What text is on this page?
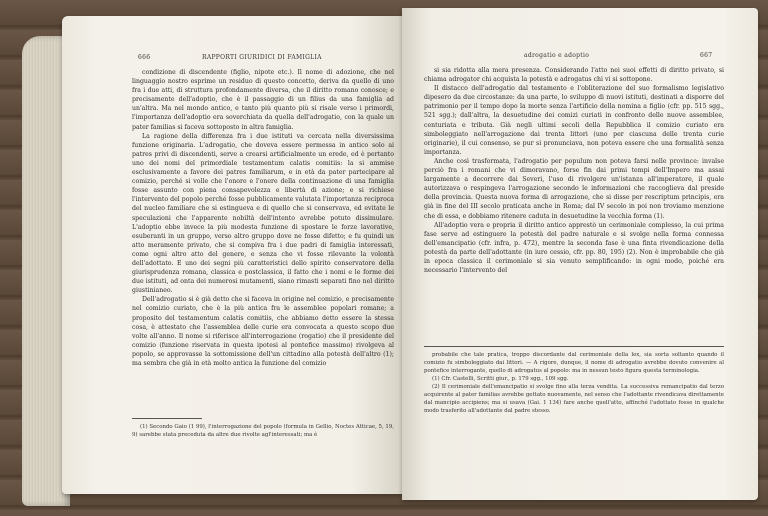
666	RAPPORTI GIURIDICI DI FAMIGLIA

condizione di discendente (figlio, nipote etc.). Il nome di adozione, che nel linguaggio nostro esprime un residuo di questo concetto, deriva da quello di uno fra i due atti, di struttura profondamente diversa, che il diritto romano conosce; e precisamente dell'adoptio, che è il passaggio di un filius da una famiglia ad un'altra. Ma nel mondo antico, e tanto più quanto più si risale verso i primordi, l'importanza dell'adoptio era soverchiata da quella dell'adrogatio, con la quale un pater familias si faceva sottoposto in altra famiglia.

La ragione della differenza fra i due istituti va cercata nella diversissima funzione originaria. L'adrogatio, che doveva essere permessa in antico solo ai patres privi di discendenti, serve a crearsi artificialmente un erede, ed è pertanto uno dei nomi del primordiale testamentum calatis comitiis: la si ammise esclusivamente a favore dei patres familiarum, e in età da pater partecipare al comizio, perché si volle che l'onore e l'onere della continuazione di una famiglia fosse assunto con piena consapevolezza e libertà di azione; e si richiese l'intervento del popolo perché fosse pubblicamente valutata l'importanza reciproca del nucleo familiare che si estingueva e di quello che si conservava, ed evitate le speculazioni che l'apparente nobiltà dell'intento avrebbe potuto dissimulare. L'adoptio ebbe invece la più modesta funzione di spostare le forze lavorative, esuberanti in un gruppo, verso altro gruppo dove ne fosse difetto; e fu quindi un atto meramente privato, che si compiva fra i due padri di famiglia interessati, come ogni altro atto del genere, e senza che vi fosse rilevante la volontà dell'adottato. E uno dei segni più caratteristici dello spirito conservatore della giurisprudenza romana, classica e postclassica, il fatto che i nomi e le forme dei due istituti, ad onta dei numerosi mutamenti, siano rimasti separati fino nel diritto giustinianeo.

Dell'adrogatio si è già detto che si faceva in origine nel comizio, e precisamente nel comizio curiato, che è la più antica fra le assemblee popolari romane; a proposito del testamentum calatis comitiis, che abbiamo detto essere la stessa cosa, è attestato che l'assemblea delle curie era convocata a questo scopo due volte all'anno. Il nome si riferisce all'interrogazione (rogatio) che il presidente del comizio (funzione riservata in questa ipotesi al pontefice massimo) rivolgeva al popolo, se approvasse la sottomissione dell'un cittadino alla potestà dell'altro (1); ma sembra che già in età molto antica la funzione del comizio

(1) Secondo Gaio (1 99), l'interrogazione del popolo (formula in Gellio, Noctes Atticae, 5, 19, 9) sarebbe stata preceduta da altre due rivolte agl'interessati; ma è

adrogatio e adoptio	667

si sia ridotta alla mera presenza. Considerando l'atto nei suoi effetti di diritto privato, si chiama adrogator chi acquista la potestà e adrogatus chi vi si sottopone.

Il distacco dell'adrogatio dal testamento e l'obliterazione del suo formalismo legislativo dipesero da due circostanze: da una parte, lo sviluppo di nuovi istituti, destinati a disporre del patrimonio per il tempo dopo la morte senza l'artificio della nomina a figlio (cfr. pp. 515 sgg., 521 sgg.); dall'altra, la desuetudine dei comizi curiati in confronto delle nuove assemblee, centuriata e tributa. Già negli ultimi secoli della Repubblica il comizio curiato era simboleggiato nell'arrogazione dai trenta littori (uno per ciascuna delle trenta curie originarie), il cui consenso, se pur si pronunciava, non poteva essere che una formalità senza importanza.

Anche così trasformata, l'adrogatio per populum non poteva farsi nelle province: invalse perciò fra i romani che vi dimoravano, forse fin dai primi tempi dell'Impero ma assai largamente a decorrere dai Severi, l'uso di rivolgere un'istanza all'imperatore, il quale autorizzava o respingeva l'arrogazione secondo le informazioni che raccoglieva dal preside della provincia. Questa nuova forma di arrogazione, che si disse per rescriptum principis, era già in fine del III secolo praticata anche in Roma; dal IV secolo in poi non troviamo menzione che di essa, e dobbiamo ritenere caduta in desuetudine la vecchia forma (1).

All'adoptio vera e propria il diritto antico apprestò un cerimoniale complesso, la cui prima fase serve ad estinguere la potestà del padre naturale e si svolge nella forma connessa dell'emancipatio (cfr. infra, p. 472), mentre la seconda fase è una finta rivendicazione della potestà da parte dell'adottante (in iure cessio, cfr. pp. 80, 195) (2). Non è improbabile che già in epoca classica il cerimoniale si sia venuto semplificando: in ogni modo, poiché era necessario l'intervento del

probabile che tale pratica, troppo discordante dal cerimoniale della lex, sia sorta soltanto quando il comizio fu simboleggiato dai littori. — A rigore, dunque, il nome di adrogatio avrebbe dovuto convenire al pontefice interrogante, quello di adrogatus al popolo: ma in nessun testo figura questa terminologia.

(1) Cfr. Castelli, Scritti giur., p. 179 sgg., 109 sgg.

(2) Il cerimoniale dell'emancipatio si svolge fino alla terza vendita. La successiva remancipatio dal terzo acquirente al pater familias avrebbe gettato nuovamente, nel senso che l'adottante rivendicava direttamente dal mancipio accipiens; ma si usava (Gai. 1 134) fare anche quell'atto, affinché l'adottato fosse in qualche modo trasferito all'adottante dal padre stesso.
